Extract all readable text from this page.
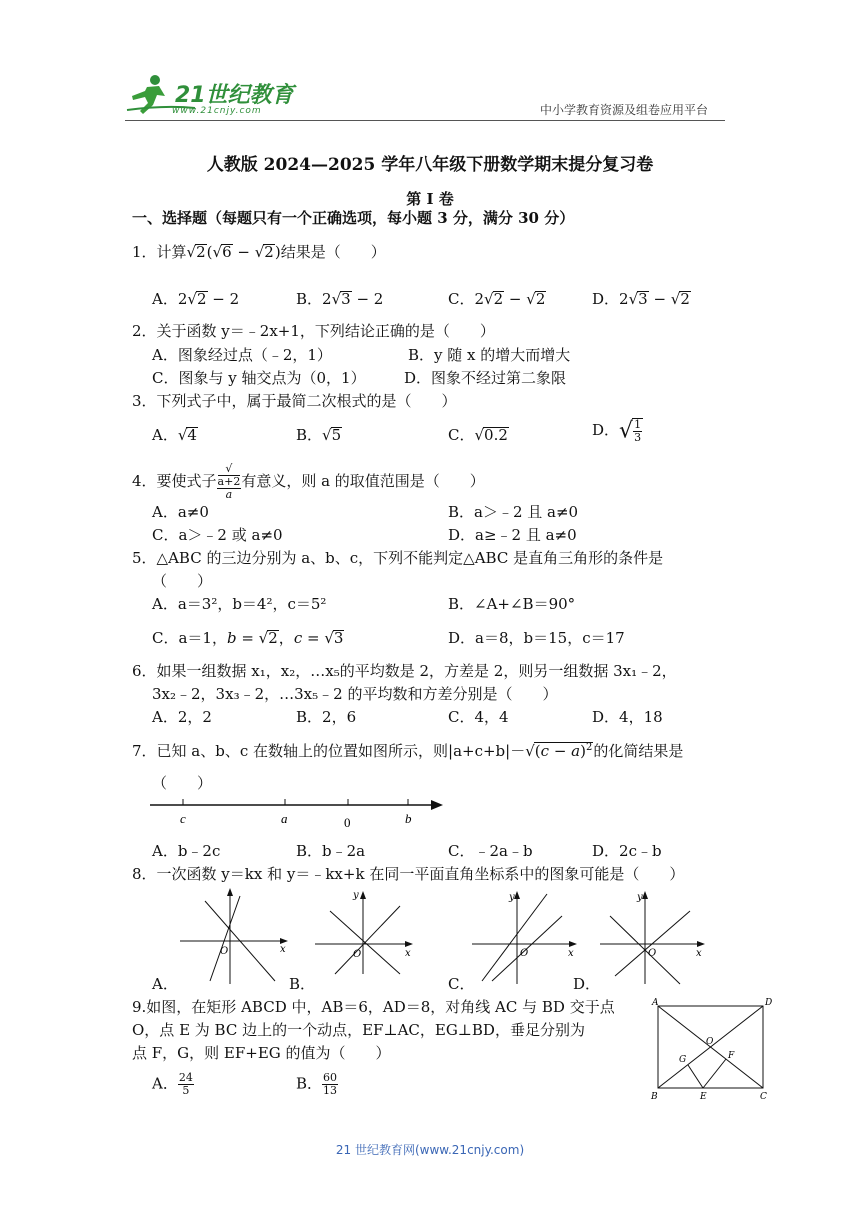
21世纪教育
www.21cnjy.com	中小学教育资源及组卷应用平台
人教版 2024—2025 学年八年级下册数学期末提分复习卷
第 I 卷
一、选择题（每题只有一个正确选项，每小题 3 分，满分 30 分）
1．计算√2(√6 − √2)结果是（　　）
A．2√2 − 2	B．2√3 − 2	C．2√2 − √2	D．2√3 − √2
2．关于函数 y＝﹣2x+1，下列结论正确的是（　　）
A．图象经过点（﹣2，1）	B．y 随 x 的增大而增大
C．图象与 y 轴交点为（0，1）	D．图象不经过第二象限
3．下列式子中，属于最简二次根式的是（　　）
A．√4	B．√5	C．√0.2	D．√ $\frac{1}{3}$
4．要使式子 √
a+2
a 有意义，则 a 的取值范围是（　　）
A．a≠0	B．a＞﹣2 且 a≠0
C．a＞﹣2 或 a≠0	D．a≥﹣2 且 a≠0
5．△ABC 的三边分别为 a、b、c，下列不能判定△ABC 是直角三角形的条件是
（　　）
A．a＝3²，b＝4²，c＝5²	B．∠A+∠B＝90°
C．a＝1，b = √2，c = √3	D．a＝8，b＝15，c＝17
6．如果一组数据 x₁，x₂，…x₅的平均数是 2，方差是 2，则另一组数据 3x₁﹣2，
3x₂﹣2，3x₃﹣2，…3x₅﹣2 的平均数和方差分别是（　　）
A．2，2	B．2，6	C．4，4	D．4，18
7．已知 a、b、c 在数轴上的位置如图所示，则$|a+c+b|-√(c - a)^2$的化简结果是
（　　）
c	a	0	b
A．b﹣2c	B．b﹣2a	C．﹣2a﹣b	D．2c﹣b
8．一次函数 y＝kx 和 y＝﹣kx+k 在同一平面直角坐标系中的图象可能是（　　）
O	x
y
O	x
y
O	x
y
O	x
A．	B．	C．	D．
9.如图，在矩形 ABCD 中，AB＝6，AD＝8，对角线 AC 与 BD 交于点
O，点 E 为 BC 边上的一个动点，EF⊥AC，EG⊥BD，垂足分别为
点 F，G，则 EF+EG 的值为（　　）
A． $\frac{24}{5}$	B． $\frac{60}{13}$
A	D
B	C
O
E
F
G
21 世纪教育网(www.21cnjy.com)
